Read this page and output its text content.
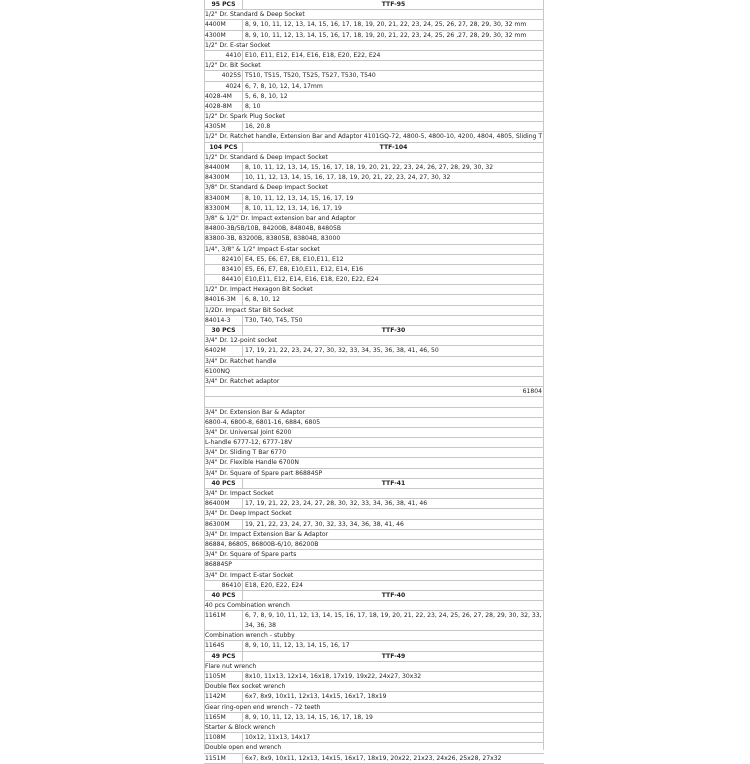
95 PCS	TTF-95
1/2" Dr. Standard & Deep Socket
4400M	8, 9, 10, 11, 12, 13, 14, 15, 16, 17, 18, 19, 20, 21, 22, 23, 24, 25, 26, 27, 28, 29, 30, 32 mm
4300M	8, 9, 10, 11, 12, 13, 14, 15, 16, 17, 18, 19, 20, 21, 22, 23, 24, 25, 26 ,27, 28, 29, 30, 32 mm
1/2" Dr. E-star Socket
4410 E10, E11, E12, E14, E16, E18, E20, E22, E24
1/2" Dr. Bit Socket
4025S T510, T515, T520, T525, T527, T530, T540
4024 6, 7, 8, 10, 12, 14, 17mm
4028-4M	5, 6, 8, 10, 12
4028-8M	8, 10
1/2" Dr. Spark Plug Socket
4305M	16, 20.8
1/2" Dr. Ratchet handle, Extension Bar and Adaptor 4101GQ-72, 4800-5, 4800-10, 4200, 4804, 4805, Sliding T
104 PCS	TTF-104
1/2" Dr. Standard & Deep Impact Socket
84400M	8, 10, 11, 12, 13, 14, 15, 16, 17, 18, 19, 20, 21, 22, 23, 24, 26, 27, 28, 29, 30, 32
84300M	10, 11, 12, 13, 14, 15, 16, 17, 18, 19, 20, 21, 22, 23, 24, 27, 30, 32
3/8" Dr. Standard & Deep Impact Socket
83400M	8, 10, 11, 12, 13, 14, 15, 16, 17, 19
83300M	8, 10, 11, 12, 13, 14, 16, 17, 19
3/8" & 1/2" Dr. Impact extension bar and Adaptor
84800-3B/5B/10B, 84200B, 84804B, 84805B
83800-3B, 83200B, 83805B, 83804B, 83000
1/4", 3/8" & 1/2" Impact E-star socket
82410 E4, E5, E6, E7, E8, E10,E11, E12
83410 E5, E6, E7, E8, E10,E11, E12, E14, E16
84410 E10,E11, E12, E14, E16, E18, E20, E22, E24
1/2" Dr. Impact Hexagon Bit Socket
84016-3M	6, 8, 10, 12
1/2Dr. Impact Star Bit Socket
84014-3	T30, T40, T45, T50
30 PCS	TTF-30
3/4" Dr. 12-point socket
6402M	17, 19, 21, 22, 23, 24, 27, 30, 32, 33, 34, 35, 36, 38, 41, 46, 50
3/4" Dr. Ratchet handle
6100NQ
3/4" Dr. Ratchet adaptor
61804
3/4" Dr. Extension Bar & Adaptor
6800-4, 6800-8, 6801-16, 6884, 6805
3/4" Dr. Universal Joint 6200
L-handle 6777-12, 6777-18V
3/4" Dr. Sliding T Bar 6770
3/4" Dr. Flexible Handle 6700N
3/4" Dr. Square of Spare part 86884SP
40 PCS	TTF-41
3/4" Dr. Impact Socket
86400M	17, 19, 21, 22, 23, 24, 27, 28, 30, 32, 33, 34, 36, 38, 41, 46
3/4" Dr. Deep Impact Socket
86300M	19, 21, 22, 23, 24, 27, 30, 32, 33, 34, 36, 38, 41, 46
3/4" Dr. Impact Extension Bar & Adaptor
86884, 86805, 86800B-6/10, 86200B
3/4" Dr. Square of Spare parts
86884SP
3/4" Dr. Impact E-star Socket
86410 E18, E20, E22, E24
40 PCS	TTF-40
40 pcs Combination wrench
1161M	6, 7, 8, 9, 10, 11, 12, 13, 14, 15, 16, 17, 18, 19, 20, 21, 22, 23, 24, 25, 26, 27, 28, 29, 30, 32, 33, 34, 36, 38
Combination wrench - stubby
1164S	8, 9, 10, 11, 12, 13, 14, 15, 16, 17
49 PCS	TTF-49
Flare nut wrench
1105M	8x10, 11x13, 12x14, 16x18, 17x19, 19x22, 24x27, 30x32
Double flex socket wrench
1142M	6x7, 8x9, 10x11, 12x13, 14x15, 16x17, 18x19
Gear ring-open end wrench - 72 teeth
1165M	8, 9, 10, 11, 12, 13, 14, 15, 16, 17, 18, 19
Starter & Block wrench
1108M	10x12, 11x13, 14x17
Double open end wrench
1151M	6x7, 8x9, 10x11, 12x13, 14x15, 16x17, 18x19, 20x22, 21x23, 24x26, 25x28, 27x32
